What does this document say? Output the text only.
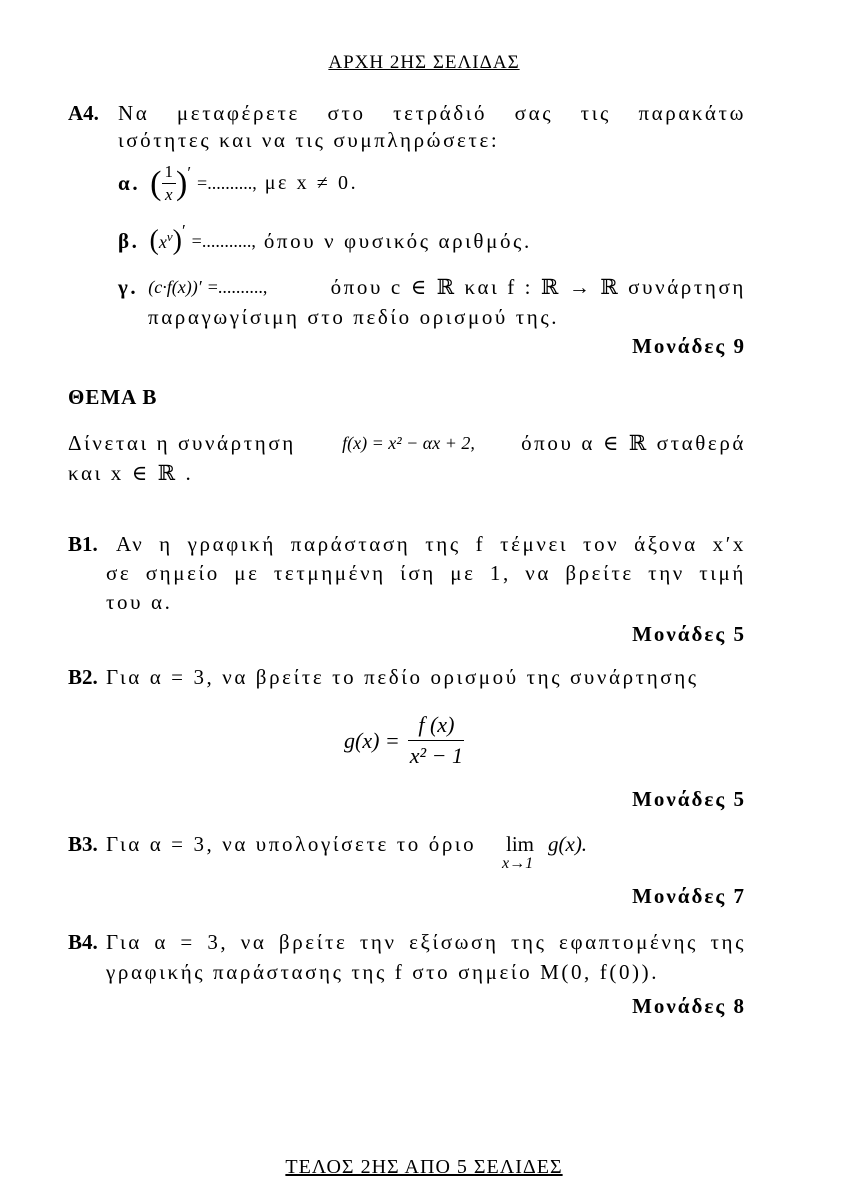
ΑΡΧΗ 2ΗΣ ΣΕΛΙΔΑΣ
Α4. Να μεταφέρετε στο τετράδιό σας τις παρακάτω
ισότητες και να τις συμπληρώσετε:
α. ( $\frac{1}{x}$ ) ′
=.........., με x ≠ 0.
β. ( $x^\nu$ ) ′ =..........., όπου ν φυσικός αριθμός.
γ. (c·f(x))′ =..........,	όπου c ∈ ℝ και f : ℝ → ℝ συνάρτηση
παραγωγίσιμη στο πεδίο ορισμού της.
Μονάδες 9
ΘΕΜΑ Β
Δίνεται η συνάρτηση	f(x) = x² − αx + 2, όπου α ∈ ℝ σταθερά
και x ∈ ℝ .
Β1. Αν η γραφική παράσταση της f τέμνει τον άξονα x′x
σε σημείο με τετμημένη ίση με 1, να βρείτε την τιμή
του α.
Μονάδες 5
Β2. Για α = 3, να βρείτε το πεδίο ορισμού της συνάρτησης
$g(x) = \frac{f (x)}{\text{x² − 1}}$
Μονάδες 5
Β3. Για α = 3, να υπολογίσετε το όριο lim g(x).
x→1
Μονάδες 7
Β4. Για α = 3, να βρείτε την εξίσωση της εφαπτομένης της
γραφικής παράστασης της f στο σημείο Μ(0, f(0)).
Μονάδες 8
ΤΕΛΟΣ 2ΗΣ ΑΠΟ 5 ΣΕΛΙΔΕΣ
